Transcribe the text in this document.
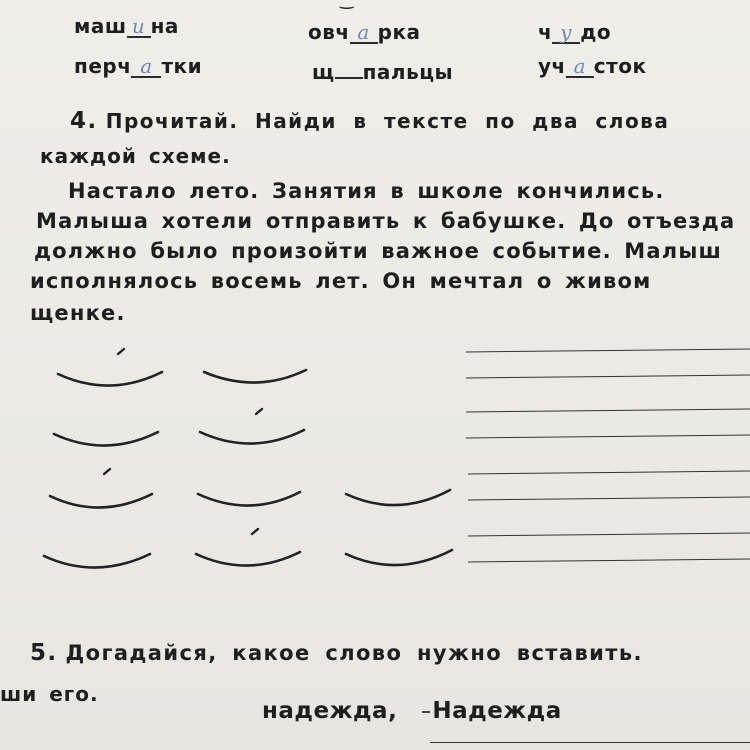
маш и на	овч а рка	ч у до
перч а тки	щ пальцы	уч а сток
4. Прочитай. Найди в тексте по два слова
каждой схеме.
Настало лето. Занятия в школе кончились.
Малыша хотели отправить к бабушке. До отъезда
должно было произойти важное событие. Малыш
исполнялось восемь лет. Он мечтал о живом
щенке.
5. Догадайся, какое слово нужно вставить.
ши его.
надежда, Надежда
